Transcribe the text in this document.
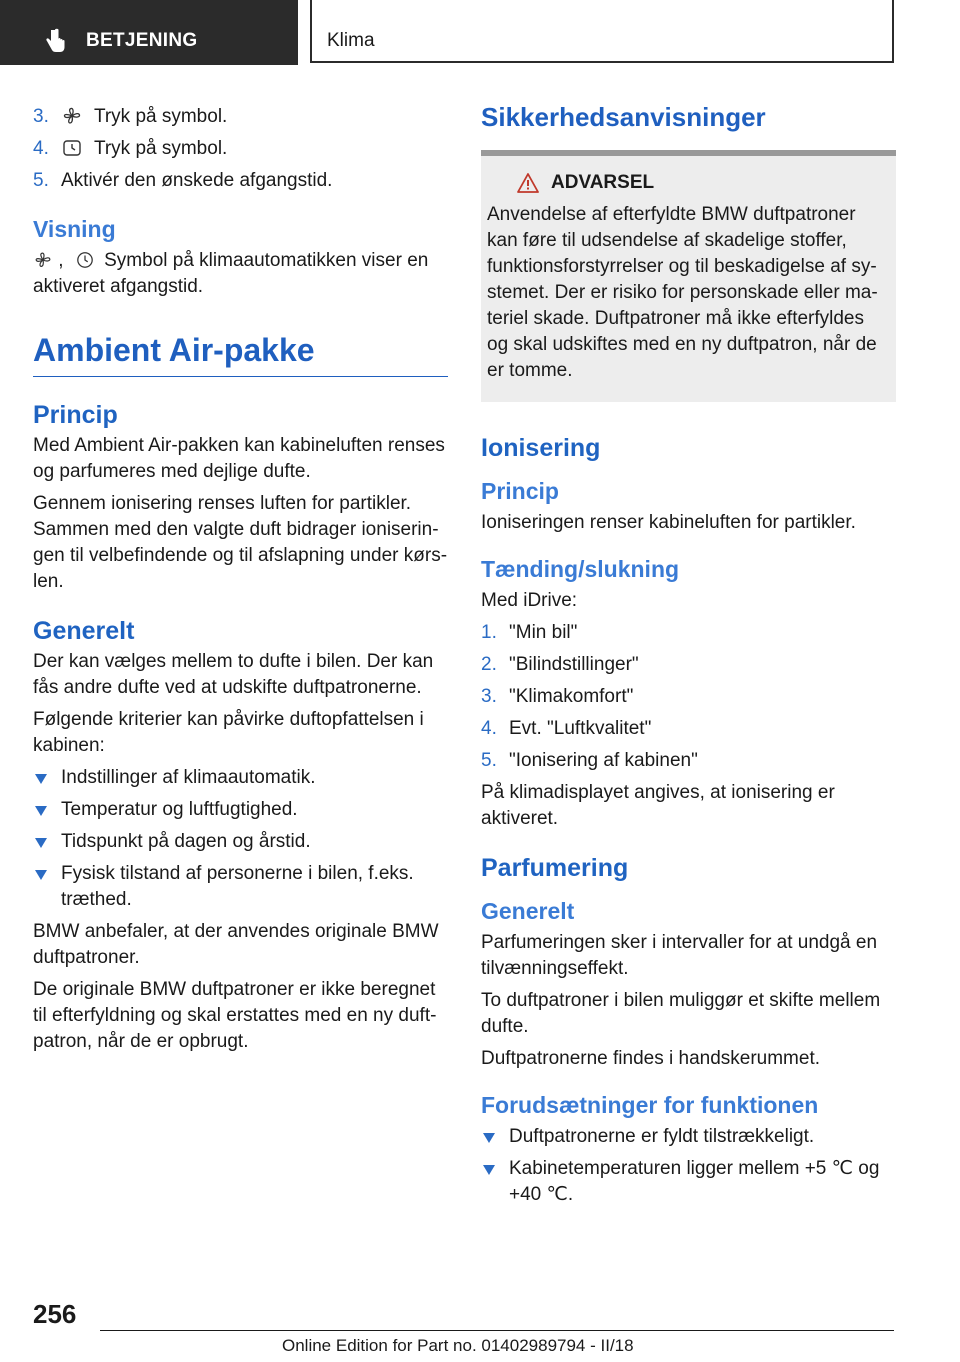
BETJENING	Klima
3. Tryk på symbol.
4. Tryk på symbol.
5. Aktivér den ønskede afgangstid.
Visning

, Symbol på klimaautomatikken viser en aktiveret afgangstid.

Ambient Air-pakke
Princip

Med Ambient Air-pakken kan kabineluften renses og parfumeres med dejlige dufte.

Gennem ionisering renses luften for partikler. Sammen med den valgte duft bidrager ioniseringen til velbefindende og til afslapning under kørslen.

Generelt

Der kan vælges mellem to dufte i bilen. Der kan fås andre dufte ved at udskifte duftpatronerne.

Følgende kriterier kan påvirke duftopfattelsen i kabinen:

Indstillinger af klimaautomatik.
Temperatur og luftfugtighed.
Tidspunkt på dagen og årstid.
Fysisk tilstand af personerne i bilen, f.eks. træthed.

BMW anbefaler, at der anvendes originale BMW duftpatroner.

De originale BMW duftpatroner er ikke beregnet til efterfyldning og skal erstattes med en ny duftpatron, når de er opbrugt.

Sikkerhedsanvisninger
ADVARSEL

Anvendelse af efterfyldte BMW duftpatroner kan føre til udsendelse af skadelige stoffer, funktionsforstyrrelser og til beskadigelse af systemet. Der er risiko for personskade eller materiel skade. Duftpatroner må ikke efterfyldes og skal udskiftes med en ny duftpatron, når de er tomme.

Ionisering
Princip

Ioniseringen renser kabineluften for partikler.

Tænding/slukning

Med iDrive:

1. "Min bil"
2. "Bilindstillinger"
3. "Klimakomfort"
4. Evt. "Luftkvalitet"
5. "Ionisering af kabinen"

På klimadisplayet angives, at ionisering er aktiveret.

Parfumering
Generelt

Parfumeringen sker i intervaller for at undgå en tilvænningseffekt.

To duftpatroner i bilen muliggør et skifte mellem dufte.

Duftpatronerne findes i handskerummet.

Forudsætninger for funktionen
Duftpatronerne er fyldt tilstrækkeligt.
Kabinetemperaturen ligger mellem +5 ℃ og +40 ℃.
256
Online Edition for Part no. 01402989794 - II/18
